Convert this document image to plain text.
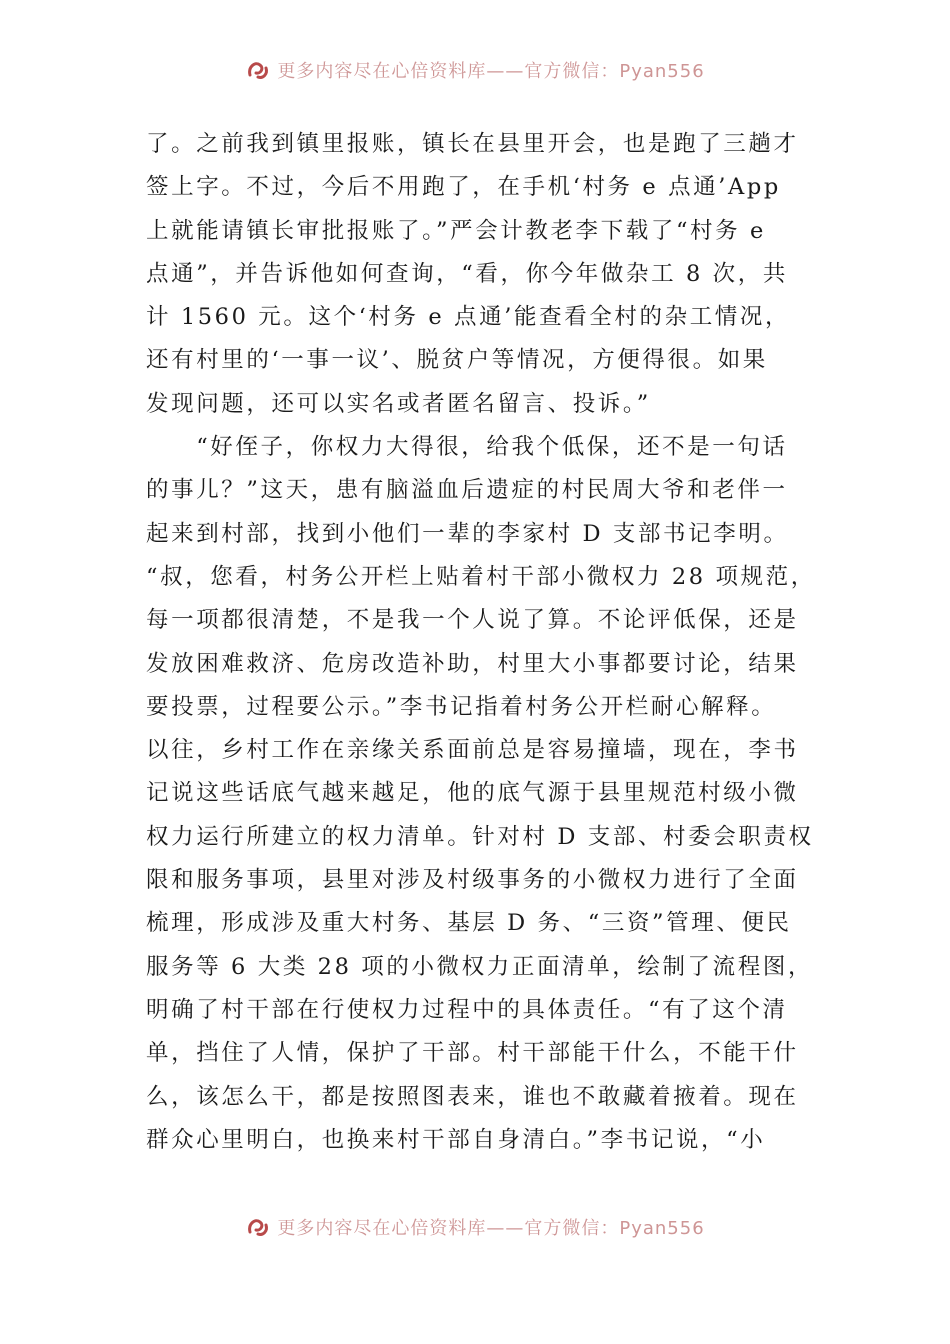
更多内容尽在心倍资料库——官方微信：Pyan556
了。之前我到镇里报账，镇长在县里开会，也是跑了三趟才
签上字。不过，今后不用跑了，在手机‘村务 e 点通’App
上就能请镇长审批报账了。”严会计教老李下载了“村务 e
点通”，并告诉他如何查询，“看，你今年做杂工 8 次，共
计 1560 元。这个‘村务 e 点通’能查看全村的杂工情况，
还有村里的‘一事一议’、脱贫户等情况，方便得很。如果
发现问题，还可以实名或者匿名留言、投诉。”
　　“好侄子，你权力大得很，给我个低保，还不是一句话
的事儿？”这天，患有脑溢血后遗症的村民周大爷和老伴一
起来到村部，找到小他们一辈的李家村 D 支部书记李明。
“叔，您看，村务公开栏上贴着村干部小微权力 28 项规范，
每一项都很清楚，不是我一个人说了算。不论评低保，还是
发放困难救济、危房改造补助，村里大小事都要讨论，结果
要投票，过程要公示。”李书记指着村务公开栏耐心解释。
以往，乡村工作在亲缘关系面前总是容易撞墙，现在，李书
记说这些话底气越来越足，他的底气源于县里规范村级小微
权力运行所建立的权力清单。针对村 D 支部、村委会职责权
限和服务事项，县里对涉及村级事务的小微权力进行了全面
梳理，形成涉及重大村务、基层 D 务、“三资”管理、便民
服务等 6 大类 28 项的小微权力正面清单，绘制了流程图，
明确了村干部在行使权力过程中的具体责任。“有了这个清
单，挡住了人情，保护了干部。村干部能干什么，不能干什
么，该怎么干，都是按照图表来，谁也不敢藏着掖着。现在
群众心里明白，也换来村干部自身清白。”李书记说，“小
更多内容尽在心倍资料库——官方微信：Pyan556
